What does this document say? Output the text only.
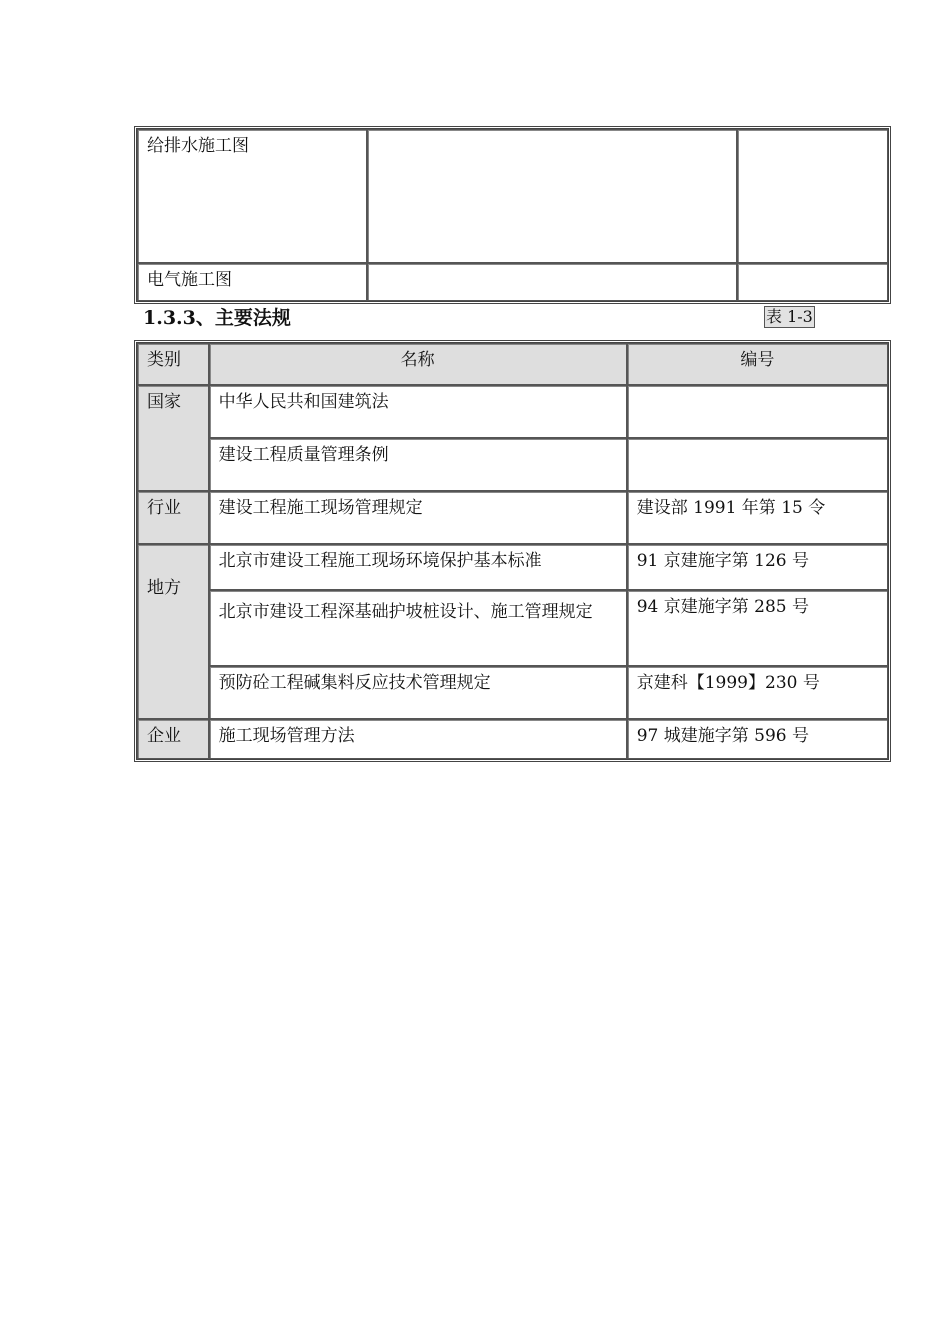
给排水施工图		
电气施工图		
1.3.3、主要法规	表 1-3
类别	名称	编号
国家	中华人民共和国建筑法	
	建设工程质量管理条例	
行业	建设工程施工现场管理规定	建设部 1991 年第 15 令
地方	北京市建设工程施工现场环境保护基本标准	91 京建施字第 126 号
	北京市建设工程深基础护坡桩设计、施工管理规定	94 京建施字第 285 号
	预防砼工程碱集料反应技术管理规定	京建科【1999】230 号
企业	施工现场管理方法	97 城建施字第 596 号
